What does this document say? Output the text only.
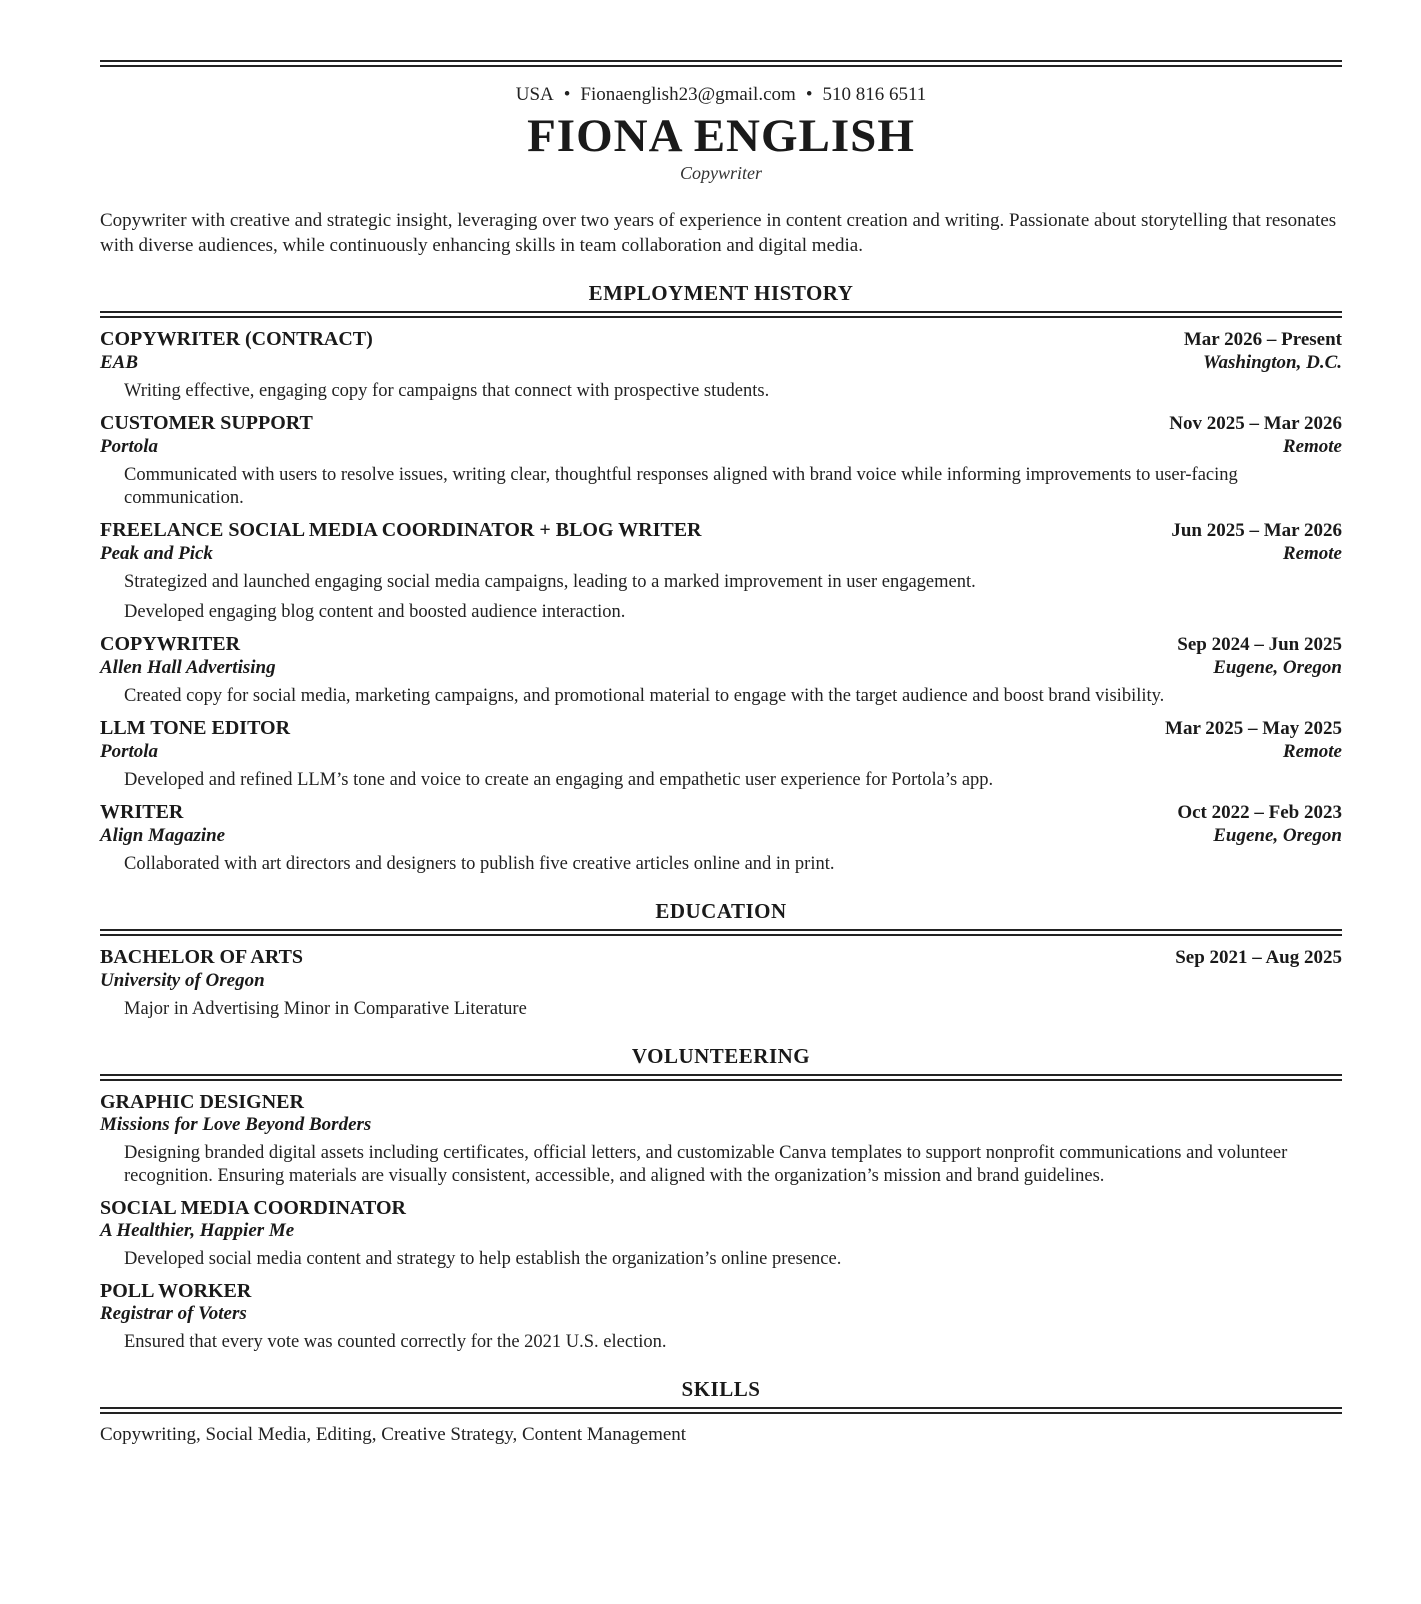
USA • Fionaenglish23@gmail.com • 510 816 6511
FIONA ENGLISH
Copywriter
Copywriter with creative and strategic insight, leveraging over two years of experience in content creation and writing. Passionate about storytelling that resonates with diverse audiences, while continuously enhancing skills in team collaboration and digital media.
EMPLOYMENT HISTORY
COPYWRITER (CONTRACT)	Mar 2026 – Present
EAB	Washington, D.C.
Writing effective, engaging copy for campaigns that connect with prospective students.
CUSTOMER SUPPORT	Nov 2025 – Mar 2026
Portola	Remote
Communicated with users to resolve issues, writing clear, thoughtful responses aligned with brand voice while informing improvements to user-facing communication.
FREELANCE SOCIAL MEDIA COORDINATOR + BLOG WRITER	Jun 2025 – Mar 2026
Peak and Pick	Remote
Strategized and launched engaging social media campaigns, leading to a marked improvement in user engagement.
Developed engaging blog content and boosted audience interaction.
COPYWRITER	Sep 2024 – Jun 2025
Allen Hall Advertising	Eugene, Oregon
Created copy for social media, marketing campaigns, and promotional material to engage with the target audience and boost brand visibility.
LLM TONE EDITOR	Mar 2025 – May 2025
Portola	Remote
Developed and refined LLM’s tone and voice to create an engaging and empathetic user experience for Portola’s app.
WRITER	Oct 2022 – Feb 2023
Align Magazine	Eugene, Oregon
Collaborated with art directors and designers to publish five creative articles online and in print.
EDUCATION
BACHELOR OF ARTS	Sep 2021 – Aug 2025
University of Oregon
Major in Advertising Minor in Comparative Literature
VOLUNTEERING
GRAPHIC DESIGNER
Missions for Love Beyond Borders
Designing branded digital assets including certificates, official letters, and customizable Canva templates to support nonprofit communications and volunteer recognition. Ensuring materials are visually consistent, accessible, and aligned with the organization’s mission and brand guidelines.
SOCIAL MEDIA COORDINATOR
A Healthier, Happier Me
Developed social media content and strategy to help establish the organization’s online presence.
POLL WORKER
Registrar of Voters
Ensured that every vote was counted correctly for the 2021 U.S. election.
SKILLS
Copywriting, Social Media, Editing, Creative Strategy, Content Management
